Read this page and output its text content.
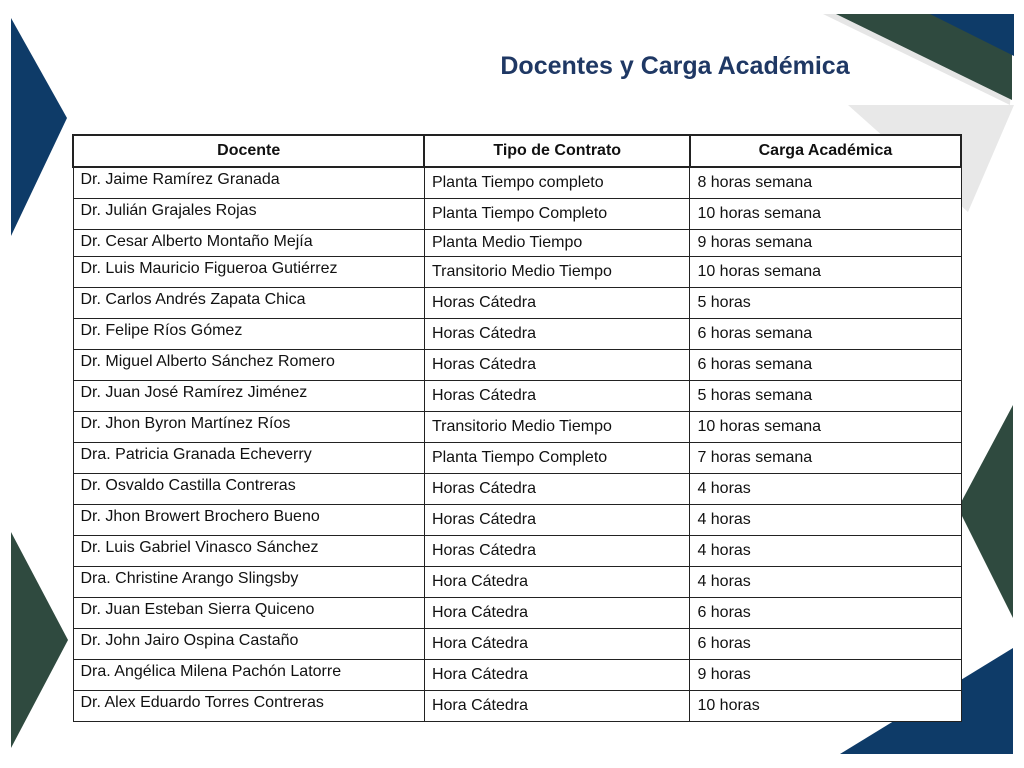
Docentes y Carga Académica
Docente	Tipo de Contrato	Carga Académica
Dr. Jaime Ramírez Granada	Planta Tiempo completo	8 horas semana
Dr. Julián Grajales Rojas	Planta Tiempo Completo	10 horas semana
Dr. Cesar Alberto Montaño Mejía	Planta Medio Tiempo	9 horas semana
Dr. Luis Mauricio Figueroa Gutiérrez	Transitorio Medio Tiempo	10 horas semana
Dr. Carlos Andrés Zapata Chica	Horas Cátedra	5 horas
Dr. Felipe Ríos Gómez	Horas Cátedra	6 horas semana
Dr. Miguel Alberto Sánchez Romero	Horas Cátedra	6 horas semana
Dr. Juan José Ramírez Jiménez	Horas Cátedra	5 horas semana
Dr. Jhon Byron Martínez Ríos	Transitorio Medio Tiempo	10 horas semana
Dra. Patricia Granada Echeverry	Planta Tiempo Completo	7 horas semana
Dr. Osvaldo Castilla Contreras	Horas Cátedra	4 horas
Dr. Jhon Browert Brochero Bueno	Horas Cátedra	4 horas
Dr. Luis Gabriel Vinasco Sánchez	Horas Cátedra	4 horas
Dra. Christine Arango Slingsby	Hora Cátedra	4 horas
Dr. Juan Esteban Sierra Quiceno	Hora Cátedra	6 horas
Dr. John Jairo Ospina Castaño	Hora Cátedra	6 horas
Dra. Angélica Milena Pachón Latorre	Hora Cátedra	9 horas
Dr. Alex Eduardo Torres Contreras	Hora Cátedra	10 horas
